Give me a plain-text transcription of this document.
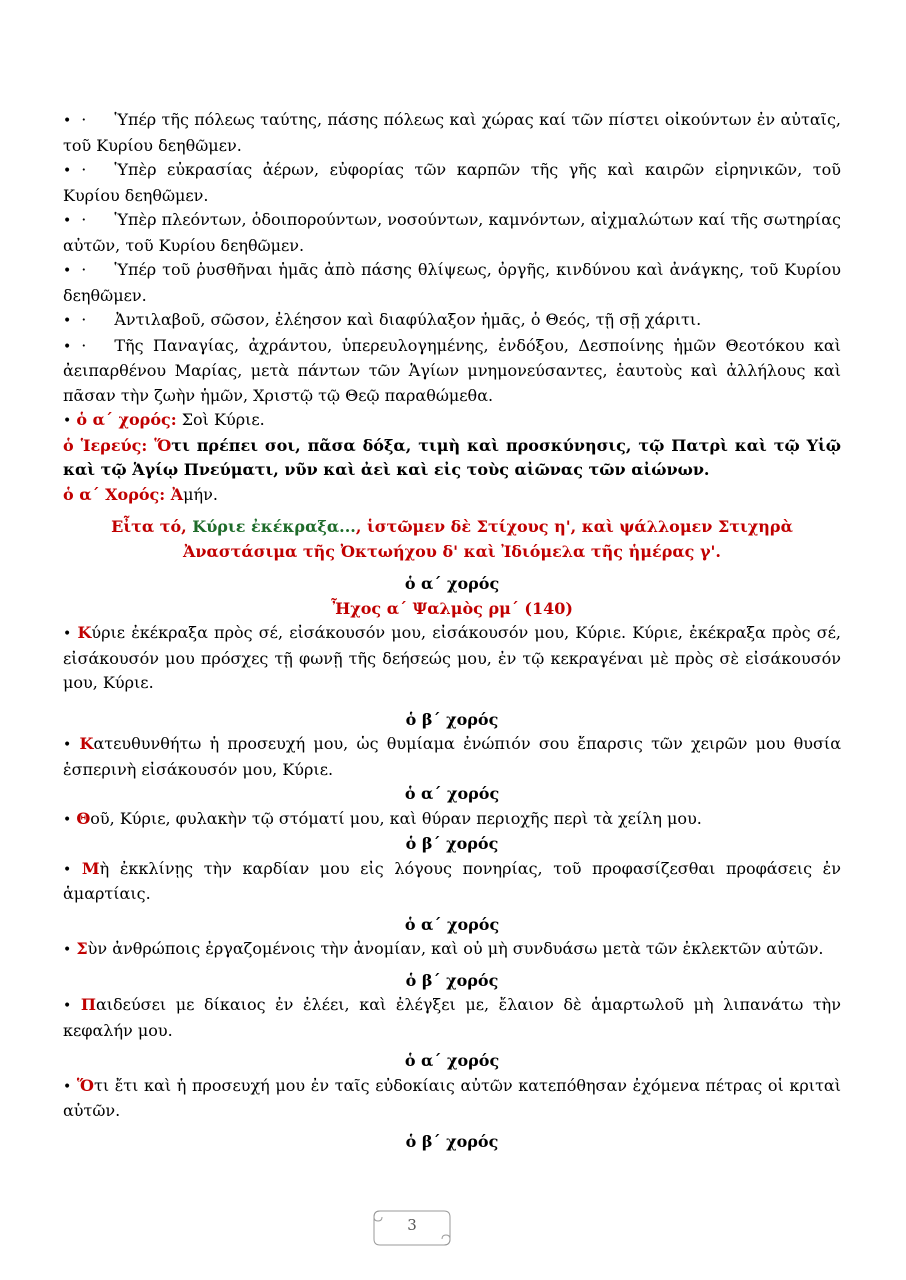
• · Ὑπέρ τῆς πόλεως ταύτης, πάσης πόλεως καὶ χώρας καί τῶν πίστει οἰκούντων ἐν αὐταῖς, τοῦ Κυρίου δεηθῶμεν.

• · Ὑπὲρ εὐκρασίας ἀέρων, εὐφορίας τῶν καρπῶν τῆς γῆς καὶ καιρῶν εἰρηνικῶν, τοῦ Κυρίου δεηθῶμεν.

• · Ὑπὲρ πλεόντων, ὁδοιπορούντων, νοσούντων, καμνόντων, αἰχμαλώτων καί τῆς σωτηρίας αὐτῶν, τοῦ Κυρίου δεηθῶμεν.

• · Ὑπέρ τοῦ ῥυσθῆναι ἡμᾶς ἀπὸ πάσης θλίψεως, ὀργῆς, κινδύνου καὶ ἀνάγκης, τοῦ Κυρίου δεηθῶμεν.

• · Ἀντιλαβοῦ, σῶσον, ἐλέησον καὶ διαφύλαξον ἡμᾶς, ὁ Θεός, τῇ σῇ χάριτι.

• · Τῆς Παναγίας, ἀχράντου, ὑπερευλογημένης, ἐνδόξου, Δεσποίνης ἡμῶν Θεοτόκου καὶ ἀειπαρθένου Μαρίας, μετὰ πάντων τῶν Ἁγίων μνημονεύσαντες, ἑαυτοὺς καὶ ἀλλήλους καὶ πᾶσαν τὴν ζωὴν ἡμῶν, Χριστῷ τῷ Θεῷ παραθώμεθα.

• ὁ α΄ χορός: Σοὶ Κύριε.

ὁ Ἱερεύς: Ὅτι πρέπει σοι, πᾶσα δόξα, τιμὴ καὶ προσκύνησις, τῷ Πατρὶ καὶ τῷ Υἱῷ καὶ τῷ Ἁγίῳ Πνεύματι, νῦν καὶ ἀεὶ καὶ εἰς τοὺς αἰῶνας τῶν αἰώνων.

ὁ α΄ Χορός: Ἀμήν.

Εἶτα τό, Κύριε ἐκέκραξα..., ἱστῶμεν δὲ Στίχους η', καὶ ψάλλομεν Στιχηρὰ Ἀναστάσιμα τῆς Ὀκτωήχου δ' καὶ Ἰδιόμελα τῆς ἡμέρας γ'.

ὁ α΄ χορός

Ἦχος α΄ Ψαλμὸς ρμ΄ (140)

• Κύριε ἐκέκραξα πρὸς σέ, εἰσάκουσόν μου, εἰσάκουσόν μου, Κύριε. Κύριε, ἐκέκραξα πρὸς σέ, εἰσάκουσόν μου πρόσχες τῇ φωνῇ τῆς δεήσεώς μου, ἐν τῷ κεκραγέναι μὲ πρὸς σὲ εἰσάκουσόν μου, Κύριε.

ὁ β΄ χορός

• Κατευθυνθήτω ἡ προσευχή μου, ὡς θυμίαμα ἐνώπιόν σου ἔπαρσις τῶν χειρῶν μου θυσία ἑσπερινὴ εἰσάκουσόν μου, Κύριε.

ὁ α΄ χορός

• Θοῦ, Κύριε, φυλακὴν τῷ στόματί μου, καὶ θύραν περιοχῆς περὶ τὰ χείλη μου.

ὁ β΄ χορός

• Μὴ ἐκκλίνῃς τὴν καρδίαν μου εἰς λόγους πονηρίας, τοῦ προφασίζεσθαι προφάσεις ἐν ἁμαρτίαις.

ὁ α΄ χορός

• Σὺν ἀνθρώποις ἐργαζομένοις τὴν ἀνομίαν, καὶ οὐ μὴ συνδυάσω μετὰ τῶν ἐκλεκτῶν αὐτῶν.

ὁ β΄ χορός

• Παιδεύσει με δίκαιος ἐν ἐλέει, καὶ ἐλέγξει με, ἔλαιον δὲ ἁμαρτωλοῦ μὴ λιπανάτω τὴν κεφαλήν μου.

ὁ α΄ χορός

• Ὅτι ἔτι καὶ ἡ προσευχή μου ἐν ταῖς εὐδοκίαις αὐτῶν κατεπόθησαν ἐχόμενα πέτρας οἱ κριταὶ αὐτῶν.

ὁ β΄ χορός

3
